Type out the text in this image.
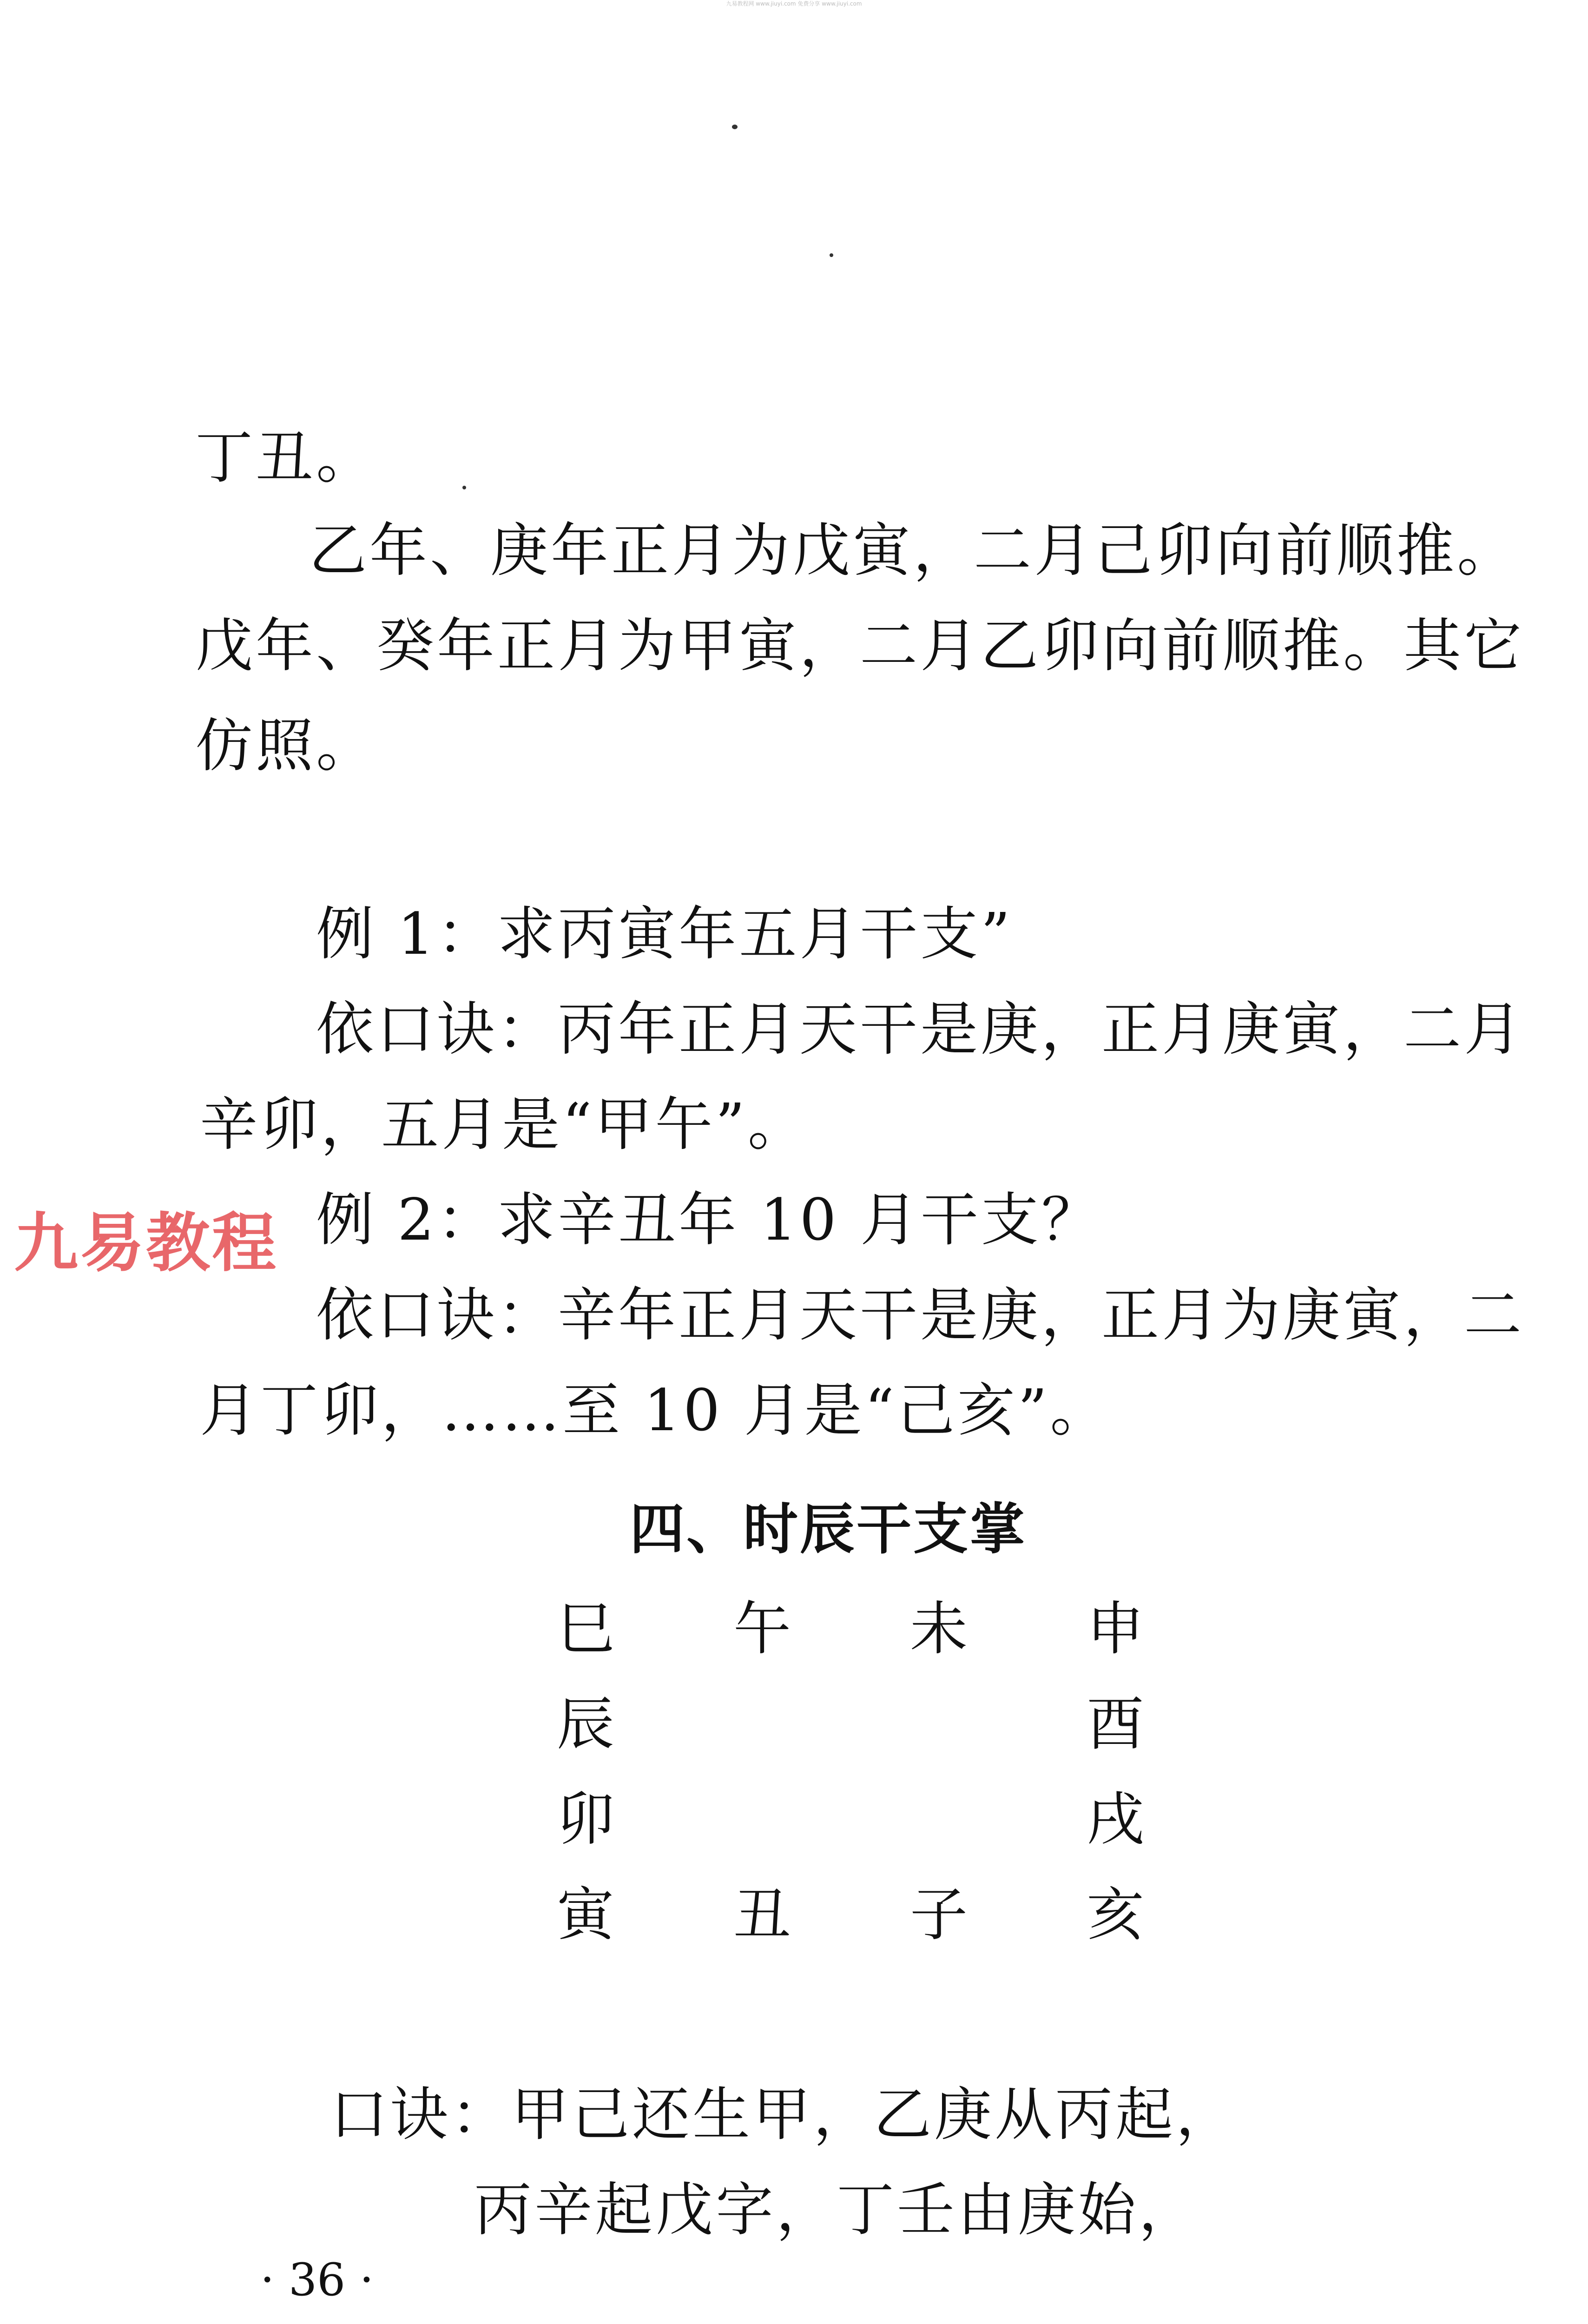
九易教程网 www.jiuyi.com 免费分享 www.jiuyi.com
丁丑。
乙年、庚年正月为戊寅，二月己卯向前顺推。
戊年、癸年正月为甲寅，二月乙卯向前顺推。其它
仿照。
例 1：求丙寅年五月干支”
依口诀：丙年正月天干是庚，正月庚寅，二月
辛卯，五月是“甲午”。
例 2：求辛丑年 10 月干支？
依口诀：辛年正月天干是庚，正月为庚寅，二
月丁卯，……至 10 月是“己亥”。
九易教程
四、时辰干支掌
巳 午 未 申
辰	酉
卯	戌
寅 丑 子 亥
口诀：甲己还生甲，乙庚从丙起，
丙辛起戊字，丁壬由庚始，
· 36 ·
